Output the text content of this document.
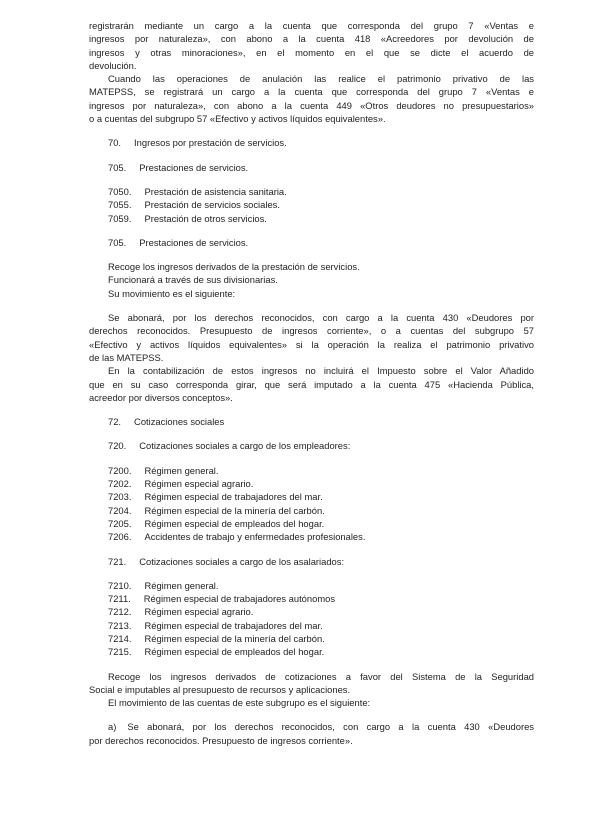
registrarán mediante un cargo a la cuenta que corresponda del grupo 7 «Ventas e
ingresos por naturaleza», con abono a la cuenta 418 «Acreedores por devolución de
ingresos y otras minoraciones», en el momento en el que se dicte el acuerdo de
devolución.
Cuando las operaciones de anulación las realice el patrimonio privativo de las
MATEPSS, se registrará un cargo a la cuenta que corresponda del grupo 7 «Ventas e
ingresos por naturaleza», con abono a la cuenta 449 «Otros deudores no presupuestarios»
o a cuentas del subgrupo 57 «Efectivo y activos líquidos equivalentes».
70. Ingresos por prestación de servicios.
705. Prestaciones de servicios.
7050. Prestación de asistencia sanitaria.
7055. Prestación de servicios sociales.
7059. Prestación de otros servicios.
705. Prestaciones de servicios.
Recoge los ingresos derivados de la prestación de servicios.
Funcionará a través de sus divisionarias.
Su movimiento es el siguiente:
Se abonará, por los derechos reconocidos, con cargo a la cuenta 430 «Deudores por
derechos reconocidos. Presupuesto de ingresos corriente», o a cuentas del subgrupo 57
«Efectivo y activos líquidos equivalentes» si la operación la realiza el patrimonio privativo
de las MATEPSS.
En la contabilización de estos ingresos no incluirá el Impuesto sobre el Valor Añadido
que en su caso corresponda girar, que será imputado a la cuenta 475 «Hacienda Pública,
acreedor por diversos conceptos».
72. Cotizaciones sociales
720. Cotizaciones sociales a cargo de los empleadores:
7200. Régimen general.
7202. Régimen especial agrario.
7203. Régimen especial de trabajadores del mar.
7204. Régimen especial de la minería del carbón.
7205. Régimen especial de empleados del hogar.
7206. Accidentes de trabajo y enfermedades profesionales.
721. Cotizaciones sociales a cargo de los asalariados:
7210. Régimen general.
7211. Régimen especial de trabajadores autónomos
7212. Régimen especial agrario.
7213. Régimen especial de trabajadores del mar.
7214. Régimen especial de la minería del carbón.
7215. Régimen especial de empleados del hogar.
Recoge los ingresos derivados de cotizaciones a favor del Sistema de la Seguridad
Social e imputables al presupuesto de recursos y aplicaciones.
El movimiento de las cuentas de este subgrupo es el siguiente:
a) Se abonará, por los derechos reconocidos, con cargo a la cuenta 430 «Deudores
por derechos reconocidos. Presupuesto de ingresos corriente».
